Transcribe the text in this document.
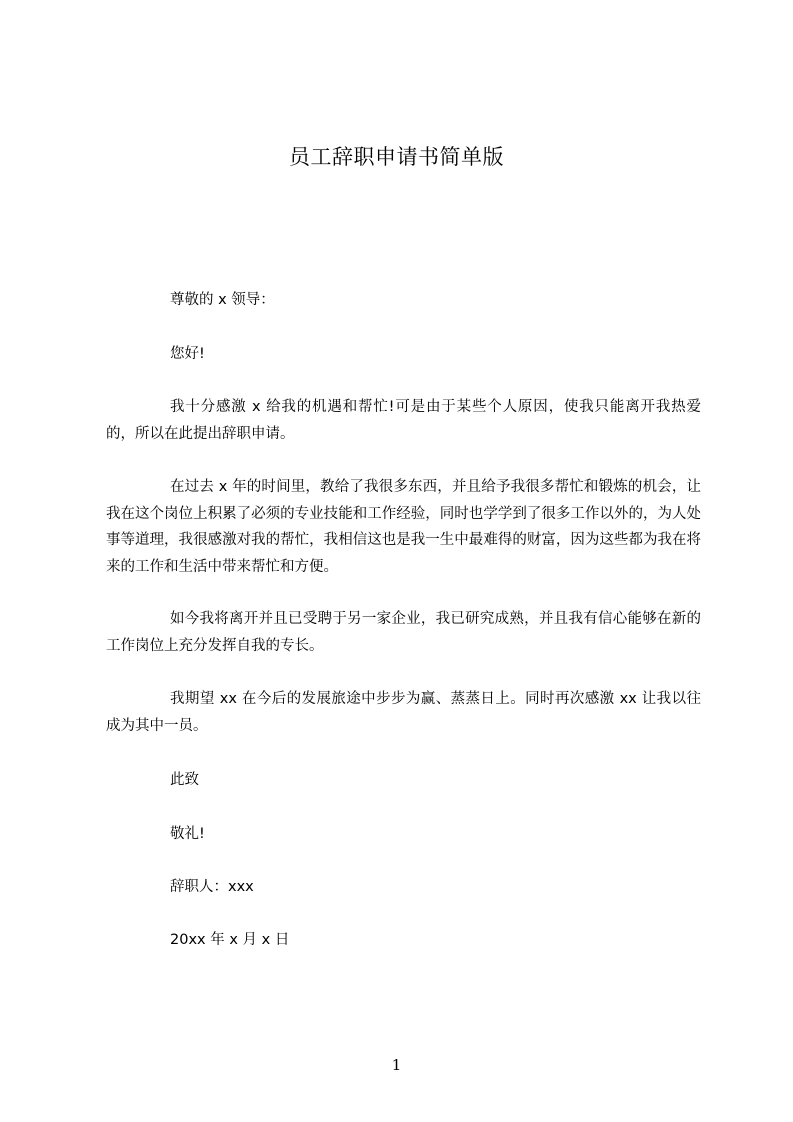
员工辞职申请书简单版
尊敬的 x 领导：
您好!
我十分感激 x 给我的机遇和帮忙!可是由于某些个人原因，使我只能离开我热爱的，所以在此提出辞职申请。
在过去 x 年的时间里，教给了我很多东西，并且给予我很多帮忙和锻炼的机会，让我在这个岗位上积累了必须的专业技能和工作经验，同时也学学到了很多工作以外的，为人处事等道理，我很感激对我的帮忙，我相信这也是我一生中最难得的财富，因为这些都为我在将来的工作和生活中带来帮忙和方便。
如今我将离开并且已受聘于另一家企业，我已研究成熟，并且我有信心能够在新的工作岗位上充分发挥自我的专长。
我期望 xx 在今后的发展旅途中步步为赢、蒸蒸日上。同时再次感激 xx 让我以往成为其中一员。
此致
敬礼!
辞职人：xxx
20xx 年 x 月 x 日
1
